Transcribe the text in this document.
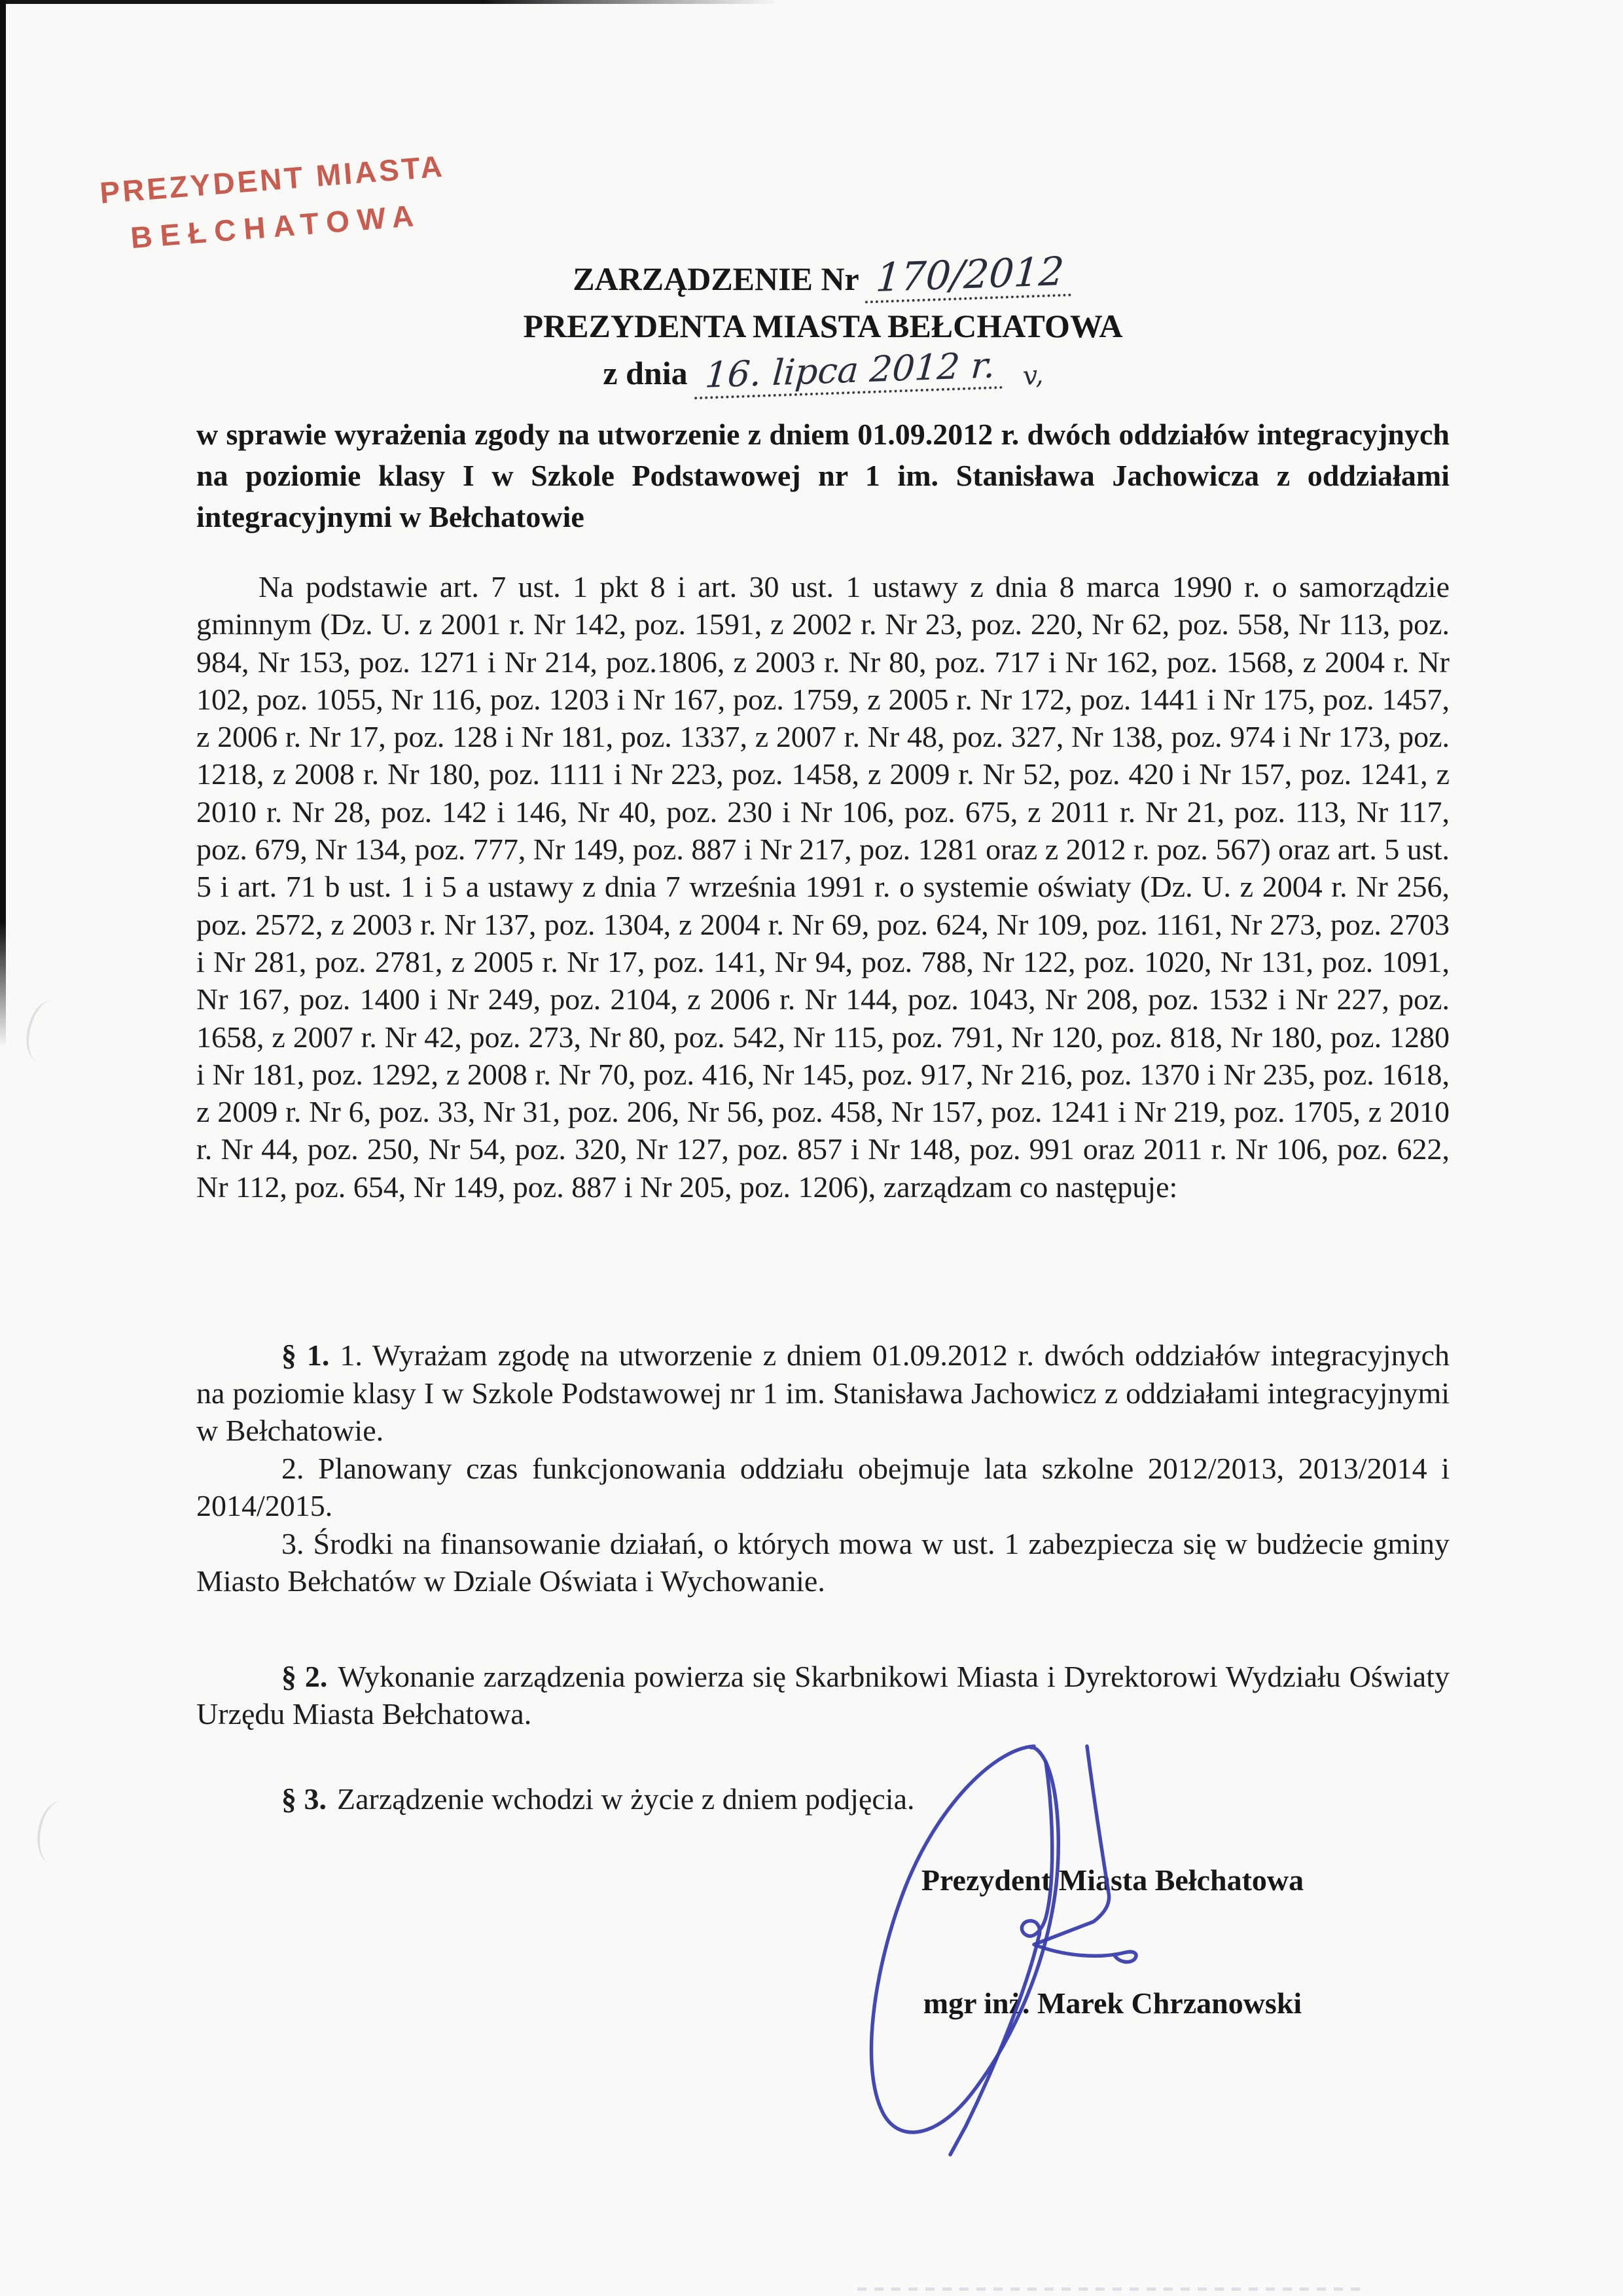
PREZYDENT MIASTA
BEŁCHATOWA
ZARZĄDZENIE Nr 170/2012
PREZYDENTA MIASTA BEŁCHATOWA
z dnia 16. lipca 2012 r. v,

w sprawie wyrażenia zgody na utworzenie z dniem 01.09.2012 r. dwóch oddziałów integracyjnych na poziomie klasy I w Szkole Podstawowej nr 1 im. Stanisława Jachowicza z oddziałami integracyjnymi w Bełchatowie

Na podstawie art. 7 ust. 1 pkt 8 i art. 30 ust. 1 ustawy z dnia 8 marca 1990 r. o samorządzie gminnym (Dz. U. z 2001 r. Nr 142, poz. 1591, z 2002 r. Nr 23, poz. 220, Nr 62, poz. 558, Nr 113, poz. 984, Nr 153, poz. 1271 i Nr 214, poz.1806, z 2003 r. Nr 80, poz. 717 i Nr 162, poz. 1568, z 2004 r. Nr 102, poz. 1055, Nr 116, poz. 1203 i Nr 167, poz. 1759, z 2005 r. Nr 172, poz. 1441 i Nr 175, poz. 1457, z 2006 r. Nr 17, poz. 128 i Nr 181, poz. 1337, z 2007 r. Nr 48, poz. 327, Nr 138, poz. 974 i Nr 173, poz. 1218, z 2008 r. Nr 180, poz. 1111 i Nr 223, poz. 1458, z 2009 r. Nr 52, poz. 420 i Nr 157, poz. 1241, z 2010 r. Nr 28, poz. 142 i 146, Nr 40, poz. 230 i Nr 106, poz. 675, z 2011 r. Nr 21, poz. 113, Nr 117, poz. 679, Nr 134, poz. 777, Nr 149, poz. 887 i Nr 217, poz. 1281 oraz z 2012 r. poz. 567) oraz art. 5 ust. 5 i art. 71 b ust. 1 i 5 a ustawy z dnia 7 września 1991 r. o systemie oświaty (Dz. U. z 2004 r. Nr 256, poz. 2572, z 2003 r. Nr 137, poz. 1304, z 2004 r. Nr 69, poz. 624, Nr 109, poz. 1161, Nr 273, poz. 2703 i Nr 281, poz. 2781, z 2005 r. Nr 17, poz. 141, Nr 94, poz. 788, Nr 122, poz. 1020, Nr 131, poz. 1091, Nr 167, poz. 1400 i Nr 249, poz. 2104, z 2006 r. Nr 144, poz. 1043, Nr 208, poz. 1532 i Nr 227, poz. 1658, z 2007 r. Nr 42, poz. 273, Nr 80, poz. 542, Nr 115, poz. 791, Nr 120, poz. 818, Nr 180, poz. 1280 i Nr 181, poz. 1292, z 2008 r. Nr 70, poz. 416, Nr 145, poz. 917, Nr 216, poz. 1370 i Nr 235, poz. 1618, z 2009 r. Nr 6, poz. 33, Nr 31, poz. 206, Nr 56, poz. 458, Nr 157, poz. 1241 i Nr 219, poz. 1705, z 2010 r. Nr 44, poz. 250, Nr 54, poz. 320, Nr 127, poz. 857 i Nr 148, poz. 991 oraz 2011 r. Nr 106, poz. 622, Nr 112, poz. 654, Nr 149, poz. 887 i Nr 205, poz. 1206), zarządzam co następuje:

§ 1. 1. Wyrażam zgodę na utworzenie z dniem 01.09.2012 r. dwóch oddziałów integracyjnych na poziomie klasy I w Szkole Podstawowej nr 1 im. Stanisława Jachowicz z oddziałami integracyjnymi w Bełchatowie.

2. Planowany czas funkcjonowania oddziału obejmuje lata szkolne 2012/2013, 2013/2014 i 2014/2015.

3. Środki na finansowanie działań, o których mowa w ust. 1 zabezpiecza się w budżecie gminy Miasto Bełchatów w Dziale Oświata i Wychowanie.

§ 2. Wykonanie zarządzenia powierza się Skarbnikowi Miasta i Dyrektorowi Wydziału Oświaty Urzędu Miasta Bełchatowa.

§ 3. Zarządzenie wchodzi w życie z dniem podjęcia.

Prezydent Miasta Bełchatowa
mgr inż. Marek Chrzanowski
